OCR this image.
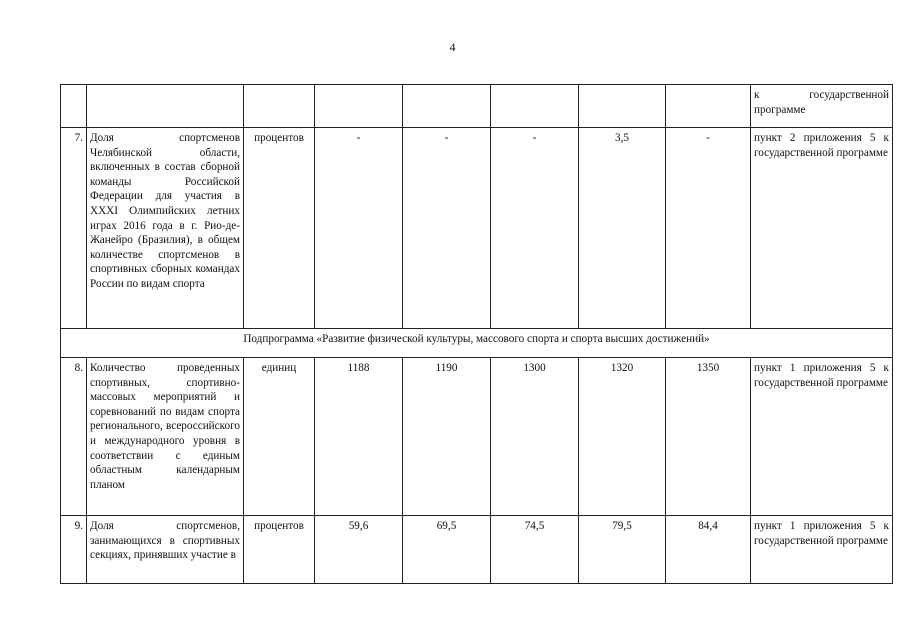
4
								к государственной программе
7.	Доля спортсменов Челябинской области, включенных в состав сборной команды Российской Федерации для участия в XXXI Олимпийских летних играх 2016 года в г. Рио-де-Жанейро (Бразилия), в общем количестве спортсменов в спортивных сборных командах России по видам спорта	процентов	-	-	-	3,5	-	пункт 2 приложения 5 к государственной программе
Подпрограмма «Развитие физической культуры, массового спорта и спорта высших достижений»								
8.	Количество проведенных спортивных, спортивно-массовых мероприятий и соревнований по видам спорта регионального, всероссийского и международного уровня в соответствии с единым областным календарным планом	единиц	1188	1190	1300	1320	1350	пункт 1 приложения 5 к государственной программе
9.	Доля спортсменов, занимающихся в спортивных секциях, принявших участие в	процентов	59,6	69,5	74,5	79,5	84,4	пункт 1 приложения 5 к государственной программе
